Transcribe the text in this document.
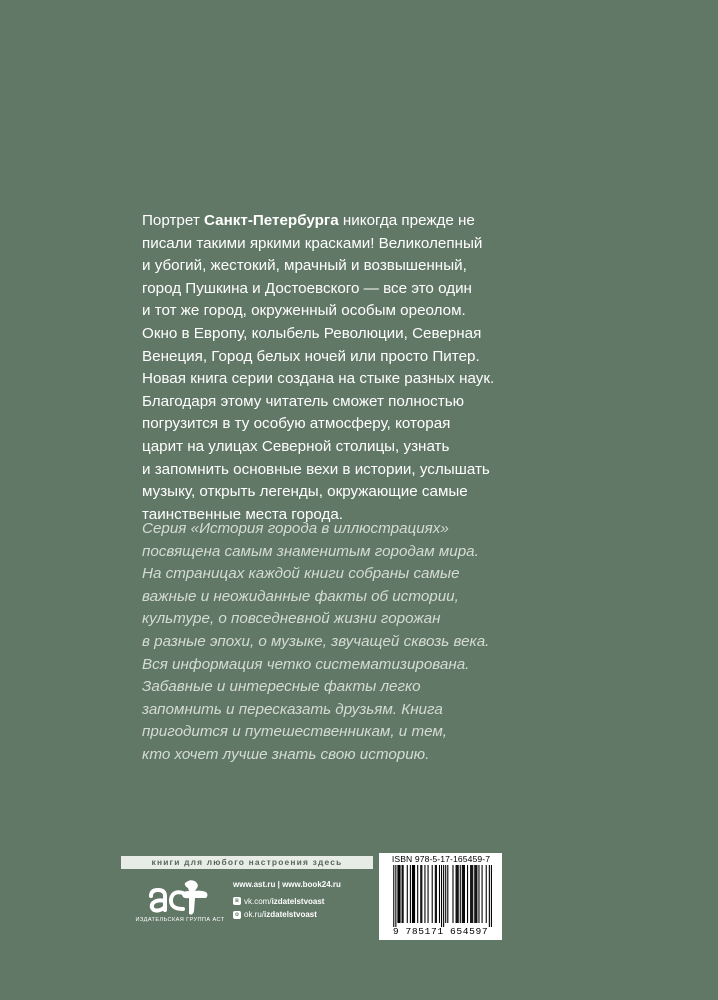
Портрет Санкт-Петербурга никогда прежде не

писали такими яркими красками! Великолепный

и убогий, жестокий, мрачный и возвышенный,

город Пушкина и Достоевского — все это один

и тот же город, окруженный особым ореолом.

Окно в Европу, колыбель Революции, Северная

Венеция, Город белых ночей или просто Питер.

Новая книга серии создана на стыке разных наук.

Благодаря этому читатель сможет полностью

погрузится в ту особую атмосферу, которая

царит на улицах Северной столицы, узнать

и запомнить основные вехи в истории, услышать

музыку, открыть легенды, окружающие самые

таинственные места города.

Серия «История города в иллюстрациях»

посвящена самым знаменитым городам мира.

На страницах каждой книги собраны самые

важные и неожиданные факты об истории,

культуре, о повседневной жизни горожан

в разные эпохи, о музыке, звучащей сквозь века.

Вся информация четко систематизирована.

Забавные и интересные факты легко

запомнить и пересказать друзьям. Книга

пригодится и путешественникам, и тем,

кто хочет лучше знать свою историю.

книги для любого настроения здесь
ИЗДАТЕЛЬСКАЯ ГРУППА АСТ
www.ast.ru | www.book24.ru
в vk.com/ izdatelstvoast
о ok.ru/ izdatelstvoast
ISBN 978-5-17-165459-7
9 785171 654597
